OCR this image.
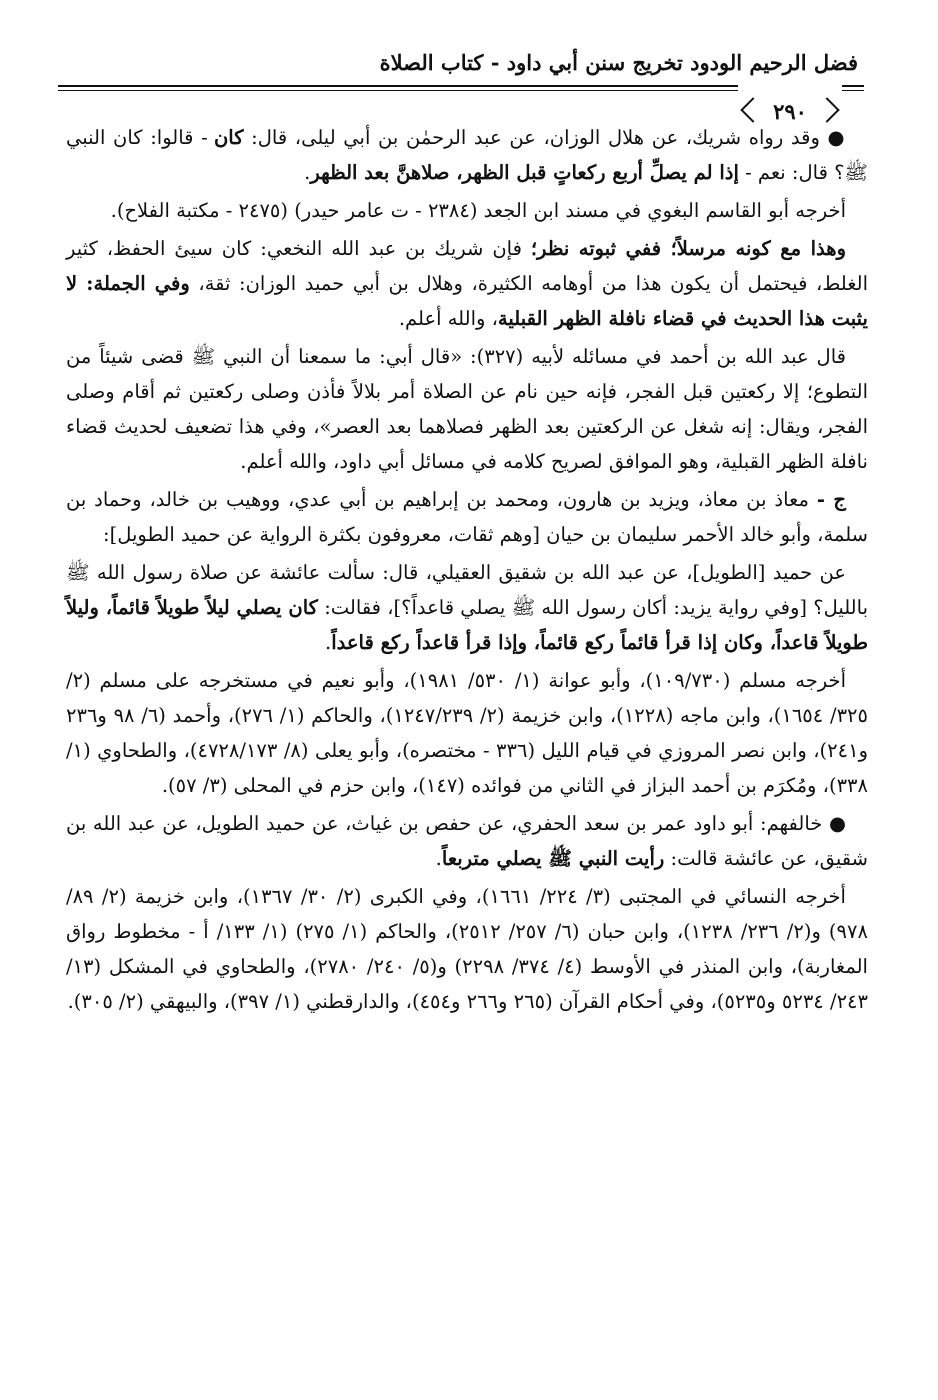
فضل الرحيم الودود تخريج سنن أبي داود - كتاب الصلاة
٢٩٠

● وقد رواه شريك، عن هلال الوزان، عن عبد الرحمٰن بن أبي ليلى، قال: كان - قالوا: كان النبي ﷺ؟ قال: نعم - إذا لم يصلِّ أربع ركعاتٍ قبل الظهر، صلاهنَّ بعد الظهر.

أخرجه أبو القاسم البغوي في مسند ابن الجعد (٢٣٨٤ - ت عامر حيدر) (٢٤٧٥ - مكتبة الفلاح).

وهذا مع كونه مرسلاً؛ ففي ثبوته نظر؛ فإن شريك بن عبد الله النخعي: كان سيئ الحفظ، كثير الغلط، فيحتمل أن يكون هذا من أوهامه الكثيرة، وهلال بن أبي حميد الوزان: ثقة، وفي الجملة: لا يثبت هذا الحديث في قضاء نافلة الظهر القبلية، والله أعلم.

قال عبد الله بن أحمد في مسائله لأبيه (٣٢٧): «قال أبي: ما سمعنا أن النبي ﷺ قضى شيئاً من التطوع؛ إلا ركعتين قبل الفجر، فإنه حين نام عن الصلاة أمر بلالاً فأذن وصلى ركعتين ثم أقام وصلى الفجر، ويقال: إنه شغل عن الركعتين بعد الظهر فصلاهما بعد العصر»، وفي هذا تضعيف لحديث قضاء نافلة الظهر القبلية، وهو الموافق لصريح كلامه في مسائل أبي داود، والله أعلم.

ج - معاذ بن معاذ، ويزيد بن هارون، ومحمد بن إبراهيم بن أبي عدي، ووهيب بن خالد، وحماد بن سلمة، وأبو خالد الأحمر سليمان بن حيان [وهم ثقات، معروفون بكثرة الرواية عن حميد الطويل]:

عن حميد [الطويل]، عن عبد الله بن شقيق العقيلي، قال: سألت عائشة عن صلاة رسول الله ﷺ بالليل؟ [وفي رواية يزيد: أكان رسول الله ﷺ يصلي قاعداً؟]، فقالت: كان يصلي ليلاً طويلاً قائماً، وليلاً طويلاً قاعداً، وكان إذا قرأ قائماً ركع قائماً، وإذا قرأ قاعداً ركع قاعداً.

أخرجه مسلم (١٠٩/٧٣٠)، وأبو عوانة (١/ ٥٣٠/ ١٩٨١)، وأبو نعيم في مستخرجه على مسلم (٢/ ٣٢٥/ ١٦٥٤)، وابن ماجه (١٢٢٨)، وابن خزيمة (٢/ ١٢٤٧/٢٣٩)، والحاكم (١/ ٢٧٦)، وأحمد (٦/ ٩٨ و٢٣٦ و٢٤١)، وابن نصر المروزي في قيام الليل (٣٣٦ - مختصره)، وأبو يعلى (٨/ ٤٧٢٨/١٧٣)، والطحاوي (١/ ٣٣٨)، ومُكرَم بن أحمد البزاز في الثاني من فوائده (١٤٧)، وابن حزم في المحلى (٣/ ٥٧).

● خالفهم: أبو داود عمر بن سعد الحفري، عن حفص بن غياث، عن حميد الطويل، عن عبد الله بن شقيق، عن عائشة قالت: رأيت النبي ﷺ يصلي متربعاً.

أخرجه النسائي في المجتبى (٣/ ٢٢٤/ ١٦٦١)، وفي الكبرى (٢/ ٣٠/ ١٣٦٧)، وابن خزيمة (٢/ ٨٩/ ٩٧٨) و(٢/ ٢٣٦/ ١٢٣٨)، وابن حبان (٦/ ٢٥٧/ ٢٥١٢)، والحاكم (١/ ٢٧٥) (١/ ١٣٣/ أ - مخطوط رواق المغاربة)، وابن المنذر في الأوسط (٤/ ٣٧٤/ ٢٢٩٨) و(٥/ ٢٤٠/ ٢٧٨٠)، والطحاوي في المشكل (١٣/ ٢٤٣/ ٥٢٣٤ و٥٢٣٥)، وفي أحكام القرآن (٢٦٥ و٢٦٦ و٤٥٤)، والدارقطني (١/ ٣٩٧)، والبيهقي (٢/ ٣٠٥).
